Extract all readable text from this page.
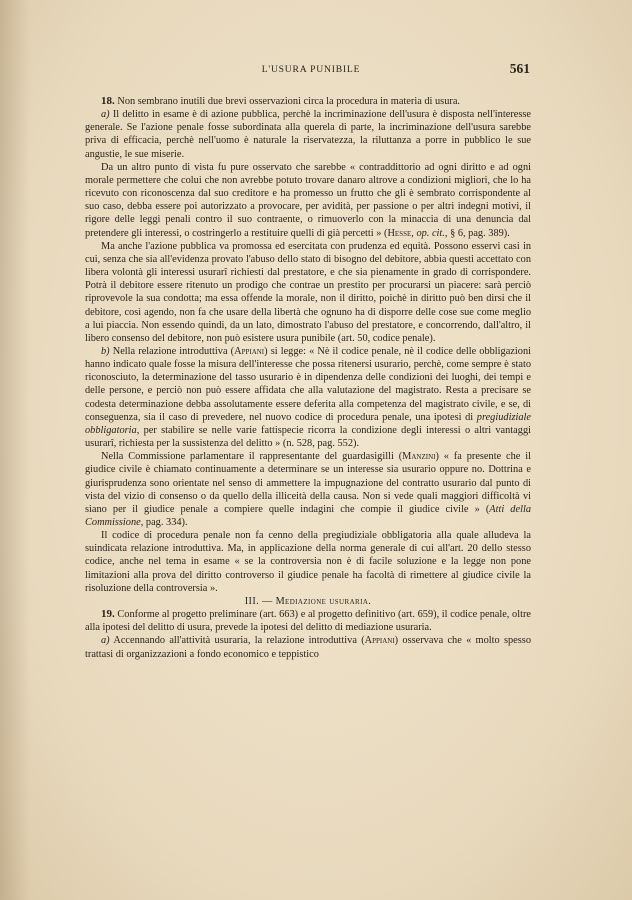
L'USURA PUNIBILE	561

18. Non sembrano inutili due brevi osservazioni circa la procedura in materia di usura.

a) Il delitto in esame è di azione pubblica, perchè la incriminazione dell'usura è disposta nell'interesse generale. Se l'azione penale fosse subordinata alla querela di parte, la incriminazione dell'usura sarebbe priva di efficacia, perchè nell'uomo è naturale la riservatezza, la riluttanza a porre in pubblico le sue angustie, le sue miserie.

Da un altro punto di vista fu pure osservato che sarebbe « contraddittorio ad ogni diritto e ad ogni morale permettere che colui che non avrebbe potuto trovare danaro altrove a condizioni migliori, che lo ha ricevuto con riconoscenza dal suo creditore e ha promesso un frutto che gli è sembrato corrispondente al suo caso, debba essere poi autorizzato a provocare, per avidità, per passione o per altri indegni motivi, il rigore delle leggi penali contro il suo contraente, o rimuoverlo con la minaccia di una denuncia dal pretendere gli interessi, o costringerlo a restituire quelli di già percetti » (Hesse, op. cit., § 6, pag. 389).

Ma anche l'azione pubblica va promossa ed esercitata con prudenza ed equità. Possono esservi casi in cui, senza che sia all'evidenza provato l'abuso dello stato di bisogno del debitore, abbia questi accettato con libera volontà gli interessi usurarî richiesti dal prestatore, e che sia pienamente in grado di corrispondere. Potrà il debitore essere ritenuto un prodigo che contrae un prestito per procurarsi un piacere: sarà perciò riprovevole la sua condotta; ma essa offende la morale, non il diritto, poichè in diritto può ben dirsi che il debitore, così agendo, non fa che usare della libertà che ognuno ha di disporre delle cose sue come meglio a lui piaccia. Non essendo quindi, da un lato, dimostrato l'abuso del prestatore, e concorrendo, dall'altro, il libero consenso del debitore, non può esistere usura punibile (art. 50, codice penale).

b) Nella relazione introduttiva (Appiani) si legge: « Nè il codice penale, nè il codice delle obbligazioni hanno indicato quale fosse la misura dell'interesse che possa ritenersi usurario, perchè, come sempre è stato riconosciuto, la determinazione del tasso usurario è in dipendenza delle condizioni dei luoghi, dei tempi e delle persone, e perciò non può essere affidata che alla valutazione del magistrato. Resta a precisare se codesta determinazione debba assolutamente essere deferita alla competenza del magistrato civile, e se, di conseguenza, sia il caso di prevedere, nel nuovo codice di procedura penale, una ipotesi di pregiudiziale obbligatoria, per stabilire se nelle varie fattispecie ricorra la condizione degli interessi o altri vantaggi usurarî, richiesta per la sussistenza del delitto » (n. 528, pag. 552).

Nella Commissione parlamentare il rappresentante del guardasigilli (Manzini) « fa presente che il giudice civile è chiamato continuamente a determinare se un interesse sia usurario oppure no. Dottrina e giurisprudenza sono orientate nel senso di ammettere la impugnazione del contratto usurario dal punto di vista del vizio di consenso o da quello della illiceità della causa. Non si vede quali maggiori difficoltà vi siano per il giudice penale a compiere quelle indagini che compie il giudice civile » (Atti della Commissione, pag. 334).

Il codice di procedura penale non fa cenno della pregiudiziale obbligatoria alla quale alludeva la suindicata relazione introduttiva. Ma, in applicazione della norma generale di cui all'art. 20 dello stesso codice, anche nel tema in esame « se la controversia non è di facile soluzione e la legge non pone limitazioni alla prova del diritto controverso il giudice penale ha facoltà di rimettere al giudice civile la risoluzione della controversia ».

III. — Mediazione usuraria.

19. Conforme al progetto preliminare (art. 663) e al progetto definitivo (art. 659), il codice penale, oltre alla ipotesi del delitto di usura, prevede la ipotesi del delitto di mediazione usuraria.

a) Accennando all'attività usuraria, la relazione introduttiva (Appiani) osservava che « molto spesso trattasi di organizzazioni a fondo economico e teppistico
